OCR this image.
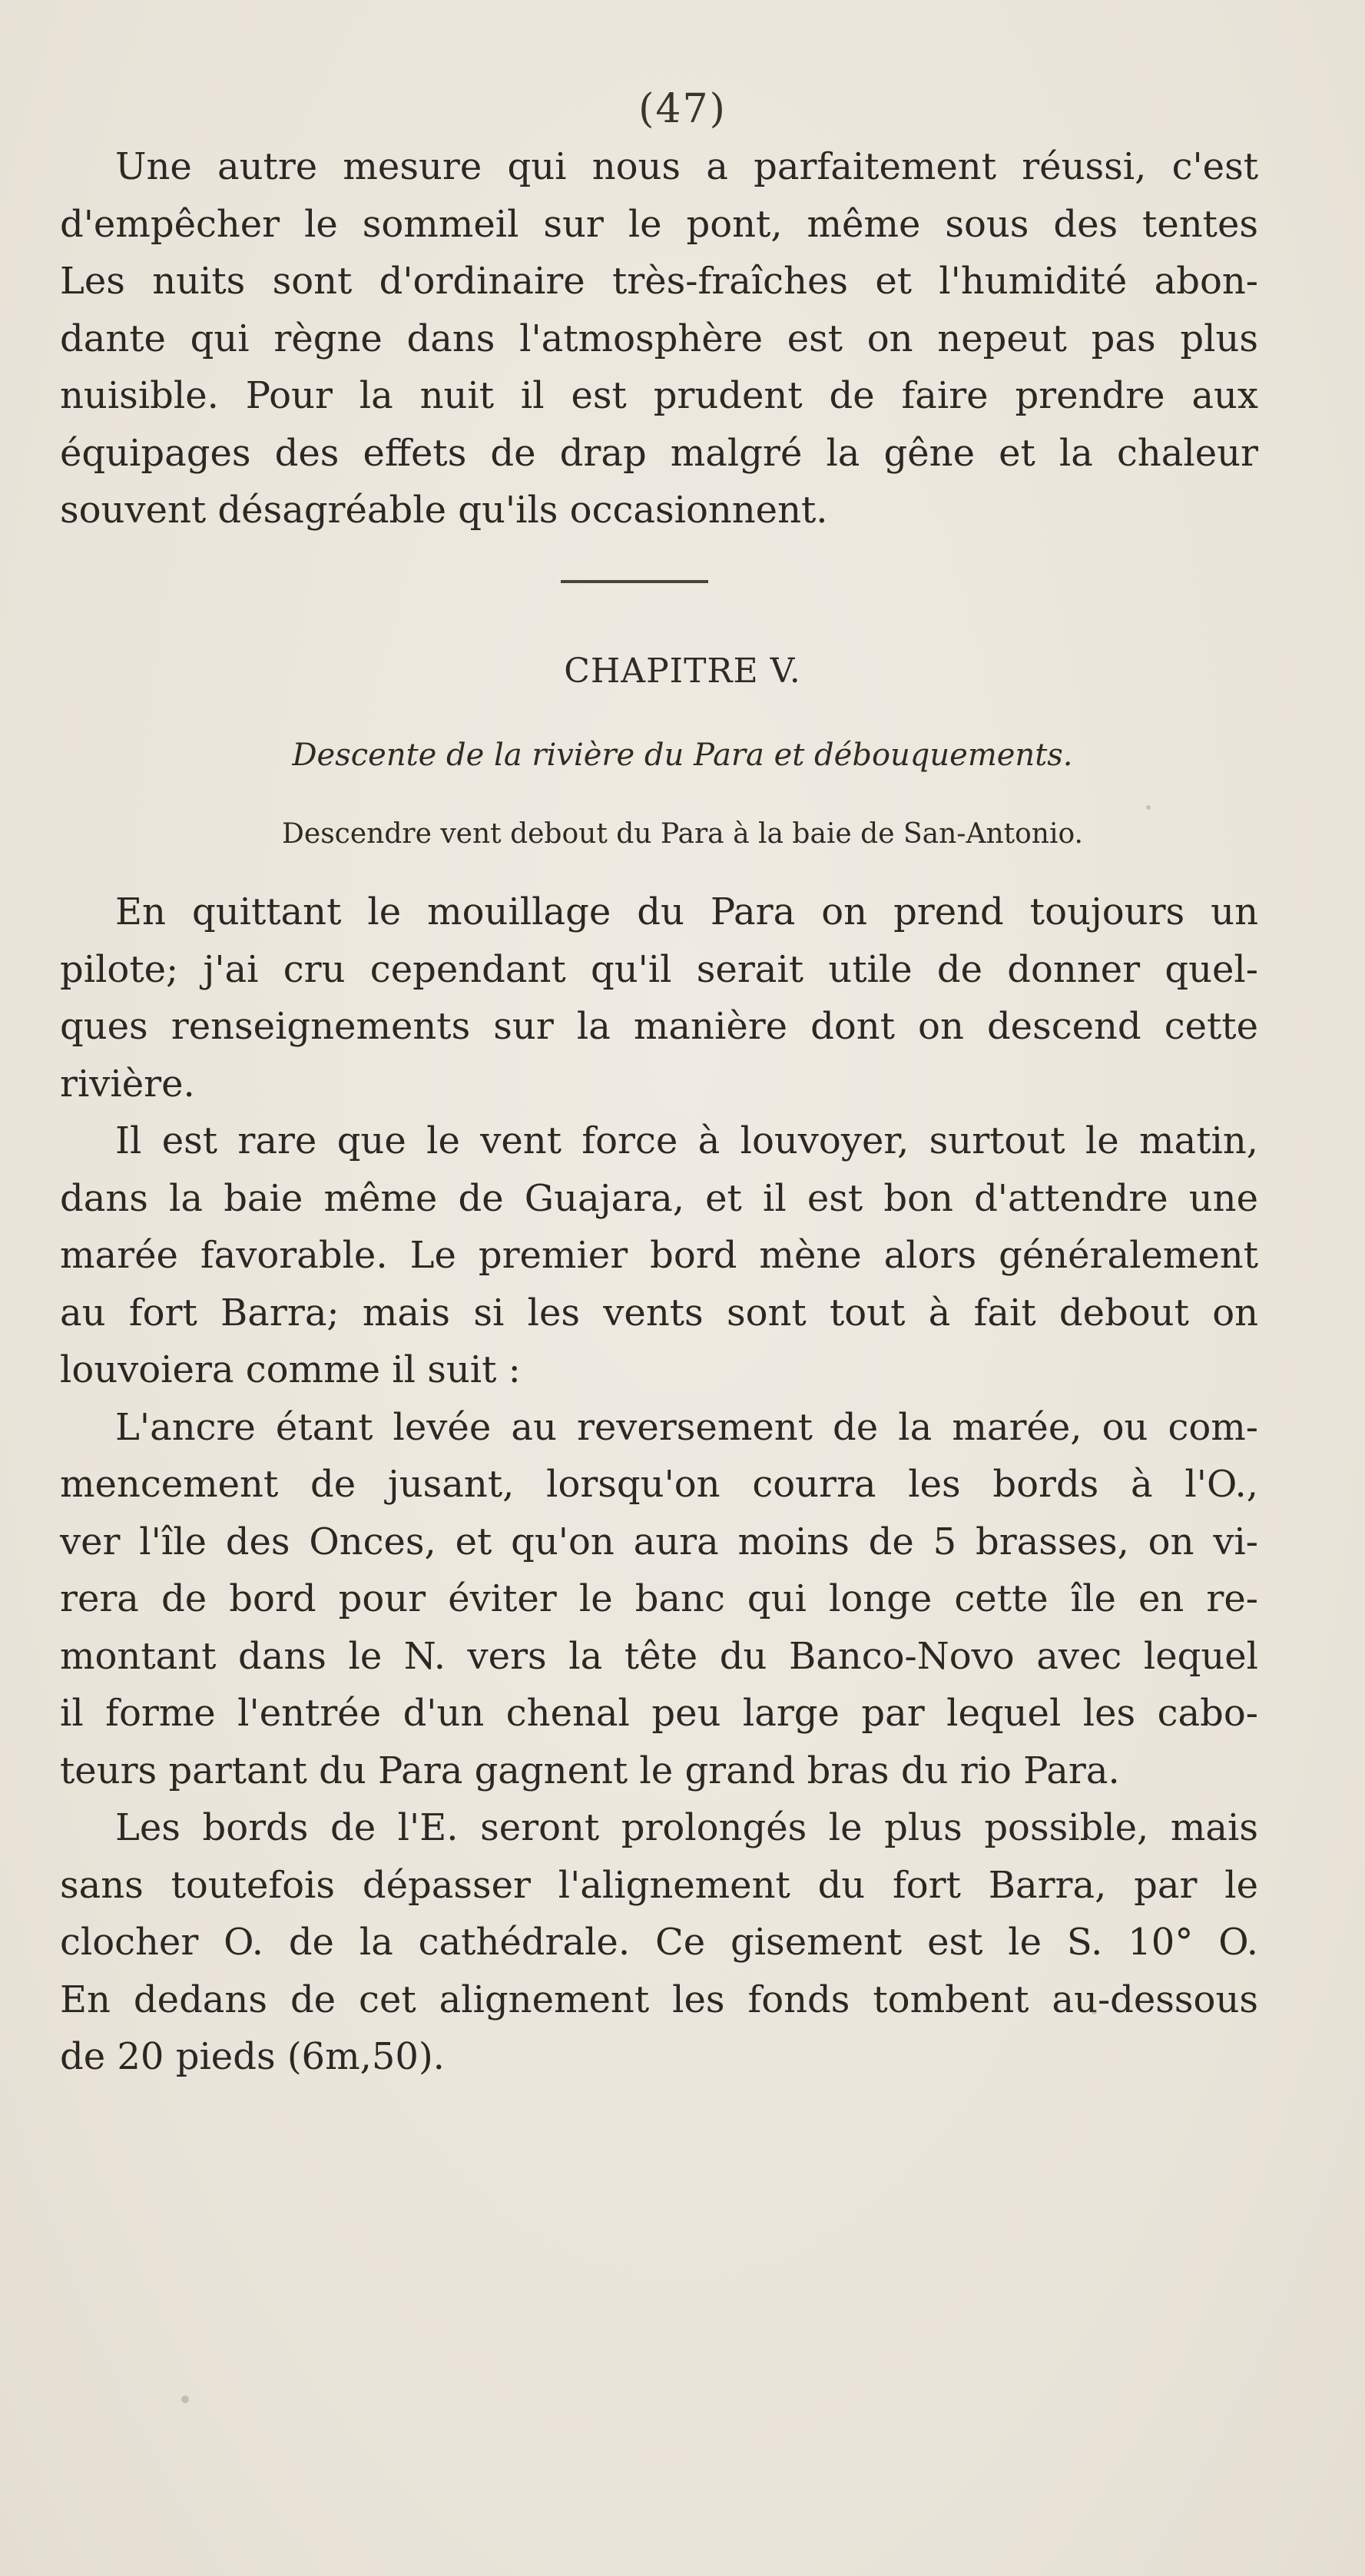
(47)
Une autre mesure qui nous a parfaitement réussi, c'est
d'empêcher le sommeil sur le pont, même sous des tentes
Les nuits sont d'ordinaire très-fraîches et l'humidité abon-
dante qui règne dans l'atmosphère est on nepeut pas plus
nuisible. Pour la nuit il est prudent de faire prendre aux
équipages des effets de drap malgré la gêne et la chaleur
souvent désagréable qu'ils occasionnent.
CHAPITRE V.
Descente de la rivière du Para et débouquements.
Descendre vent debout du Para à la baie de San-Antonio.
En quittant le mouillage du Para on prend toujours un
pilote; j'ai cru cependant qu'il serait utile de donner quel-
ques renseignements sur la manière dont on descend cette
rivière.
Il est rare que le vent force à louvoyer, surtout le matin,
dans la baie même de Guajara, et il est bon d'attendre une
marée favorable. Le premier bord mène alors généralement
au fort Barra; mais si les vents sont tout à fait debout on
louvoiera comme il suit :
L'ancre étant levée au reversement de la marée, ou com-
mencement de jusant, lorsqu'on courra les bords à l'O.,
ver l'île des Onces, et qu'on aura moins de 5 brasses, on vi-
rera de bord pour éviter le banc qui longe cette île en re-
montant dans le N. vers la tête du Banco-Novo avec lequel
il forme l'entrée d'un chenal peu large par lequel les cabo-
teurs partant du Para gagnent le grand bras du rio Para.
Les bords de l'E. seront prolongés le plus possible, mais
sans toutefois dépasser l'alignement du fort Barra, par le
clocher O. de la cathédrale. Ce gisement est le S. 10° O.
En dedans de cet alignement les fonds tombent au-dessous
de 20 pieds (6m,50).
